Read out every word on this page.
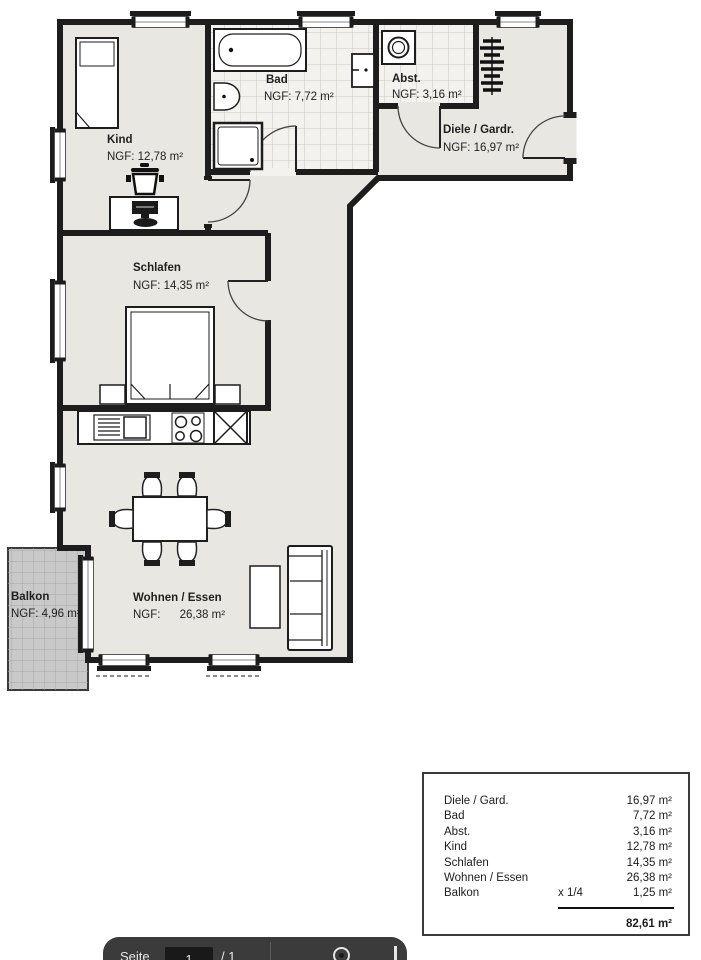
Kind
NGF: 12,78 m²
Bad
NGF: 7,72 m²
Abst.
NGF: 3,16 m²
Diele / Gardr.
NGF: 16,97 m²
Schlafen
NGF: 14,35 m²
Wohnen / Essen
NGF:      26,38 m²
Balkon
NGF: 4,96 m²
Diele / Gard.	16,97 m²
Bad	7,72 m²
Abst.	3,16 m²
Kind	12,78 m²
Schlafen	14,35 m²
Wohnen / Essen	26,38 m²
Balkon	x 1/4	1,25 m²
82,61 m²
Seite
1	/ 1
